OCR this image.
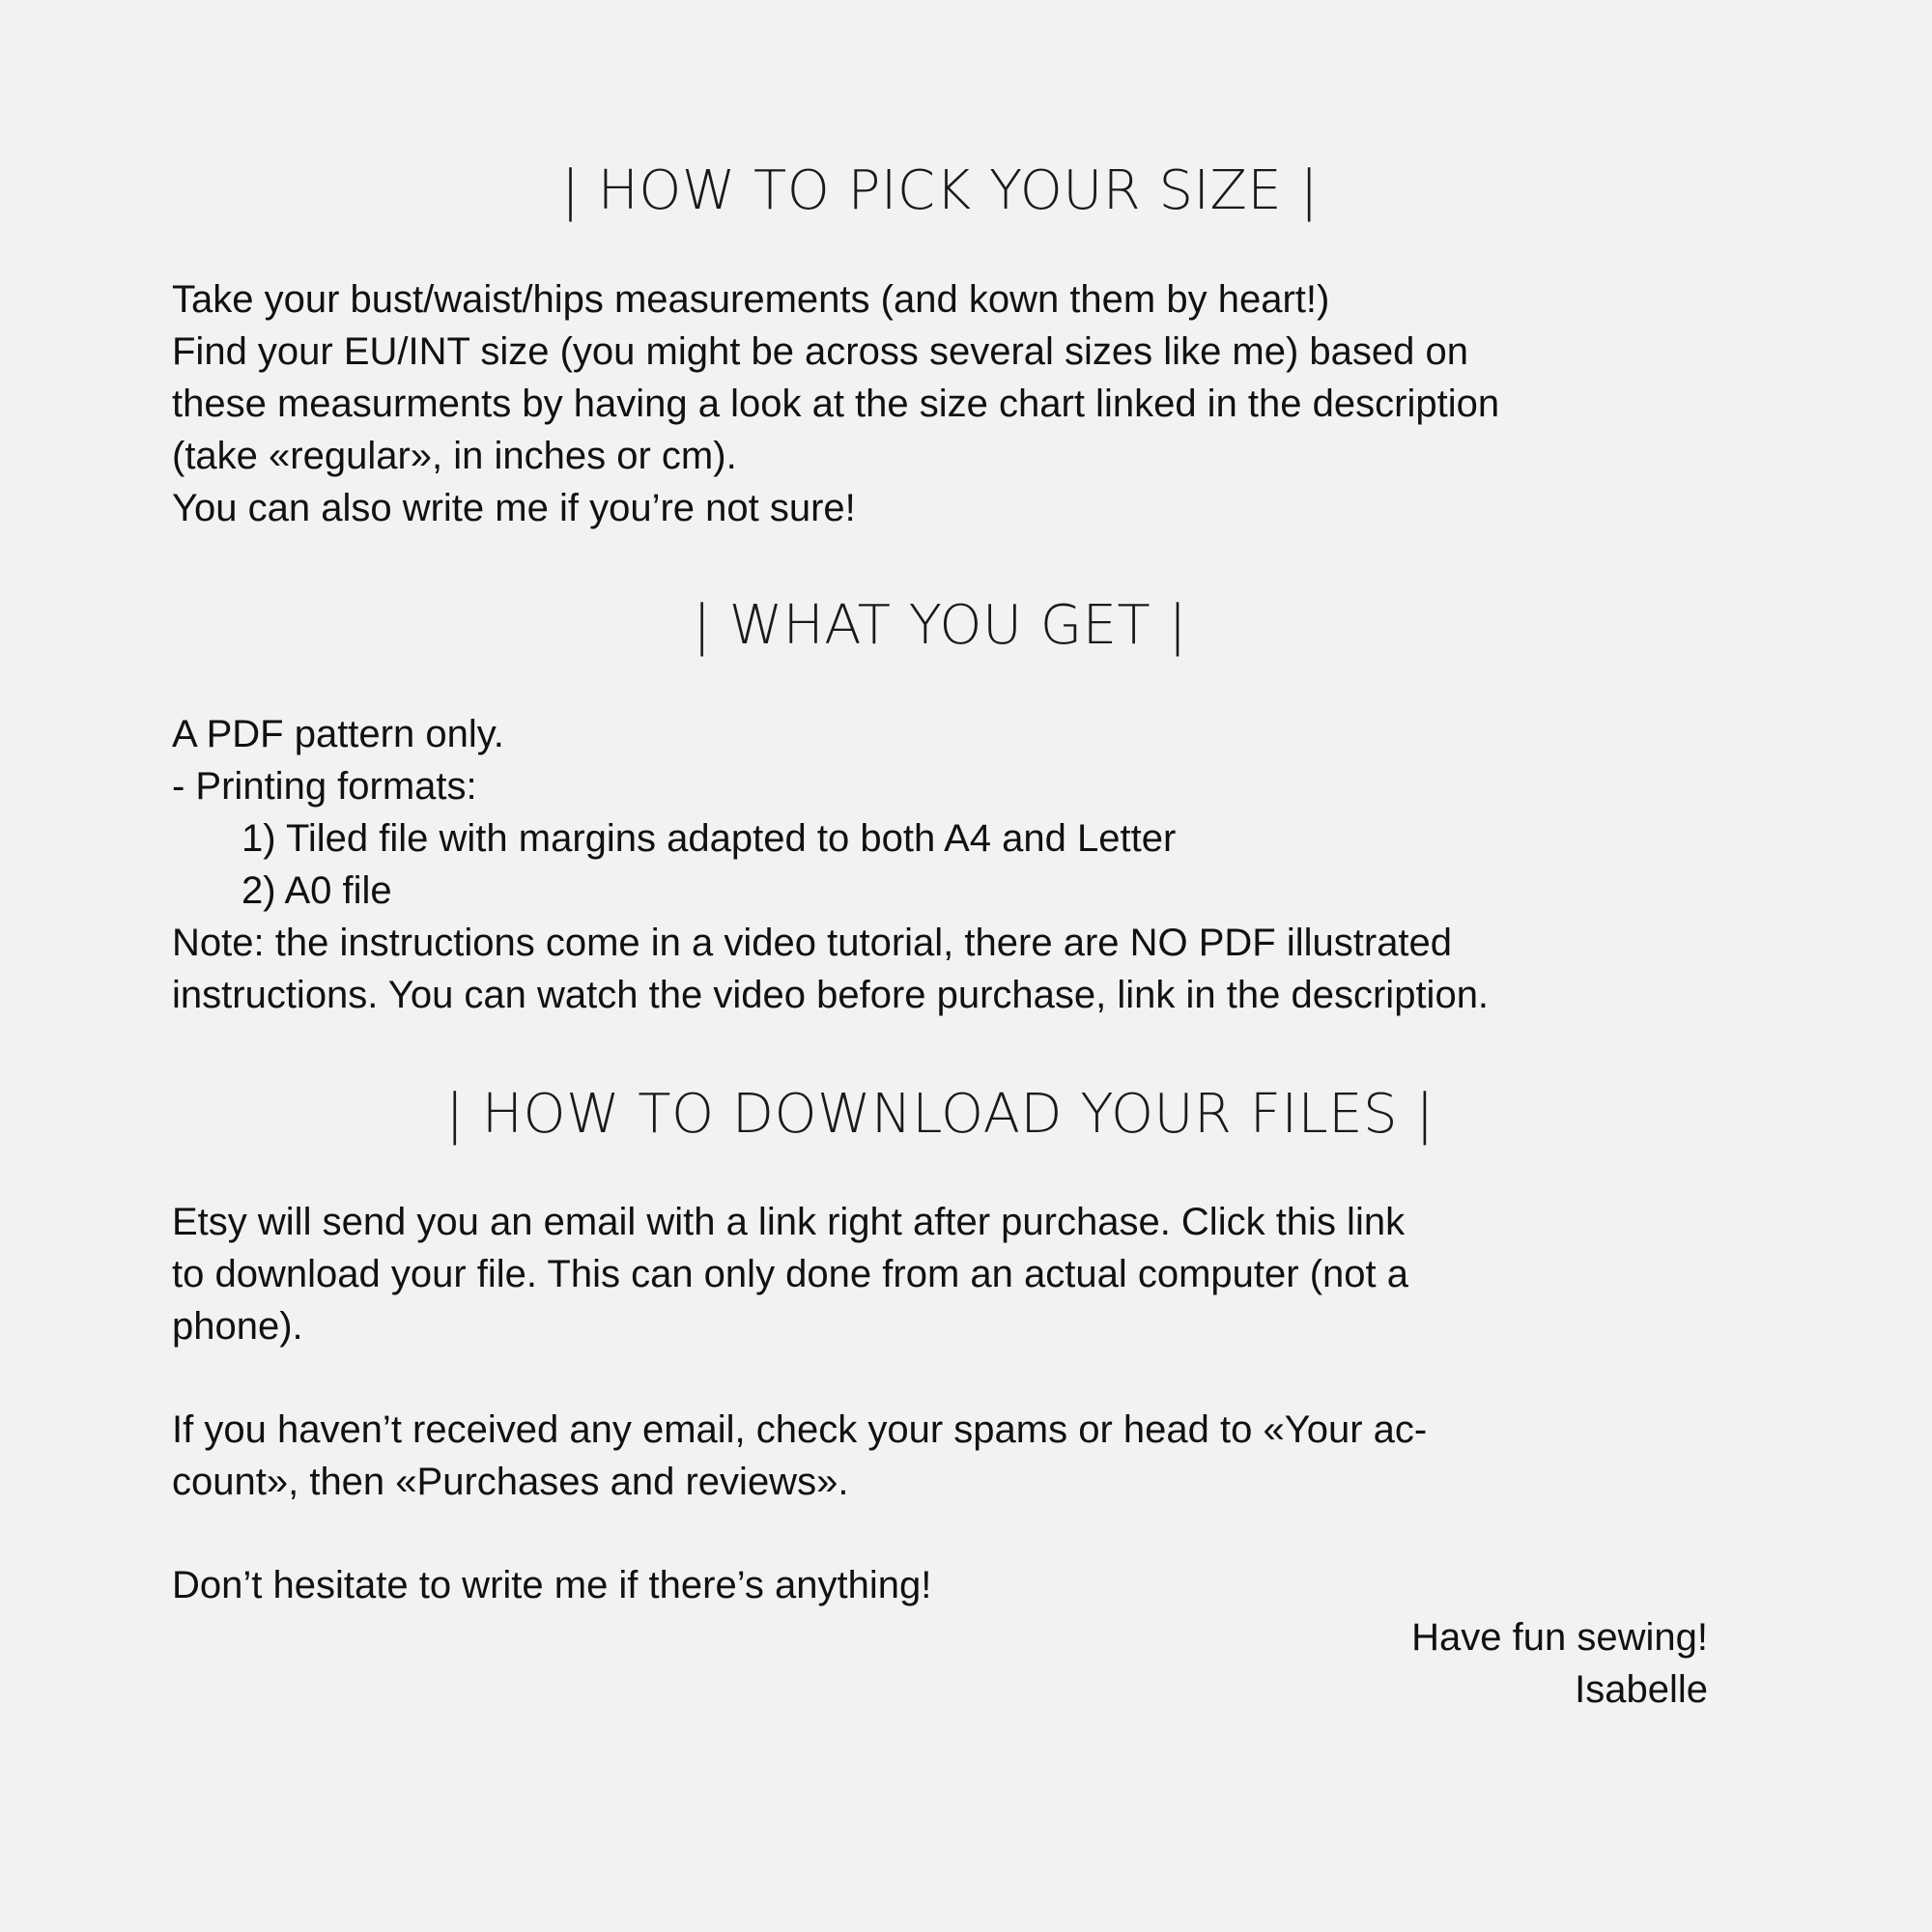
| HOW TO PICK YOUR SIZE |
Take your bust/waist/hips measurements (and kown them by heart!)
Find your EU/INT size (you might be across several sizes like me) based on
these measurments by having a look at the size chart linked in the description
(take «regular», in inches or cm).
You can also write me if you’re not sure!
| WHAT YOU GET |
A PDF pattern only.
- Printing formats:
1) Tiled file with margins adapted to both A4 and Letter
2) A0 file
Note: the instructions come in a video tutorial, there are NO PDF illustrated
instructions. You can watch the video before purchase, link in the description.
| HOW TO DOWNLOAD YOUR FILES |
Etsy will send you an email with a link right after purchase. Click this link
to download your file. This can only done from an actual computer (not a
phone).
If you haven’t received any email, check your spams or head to «Your ac-
count», then «Purchases and reviews».
Don’t hesitate to write me if there’s anything!
Have fun sewing!
Isabelle
